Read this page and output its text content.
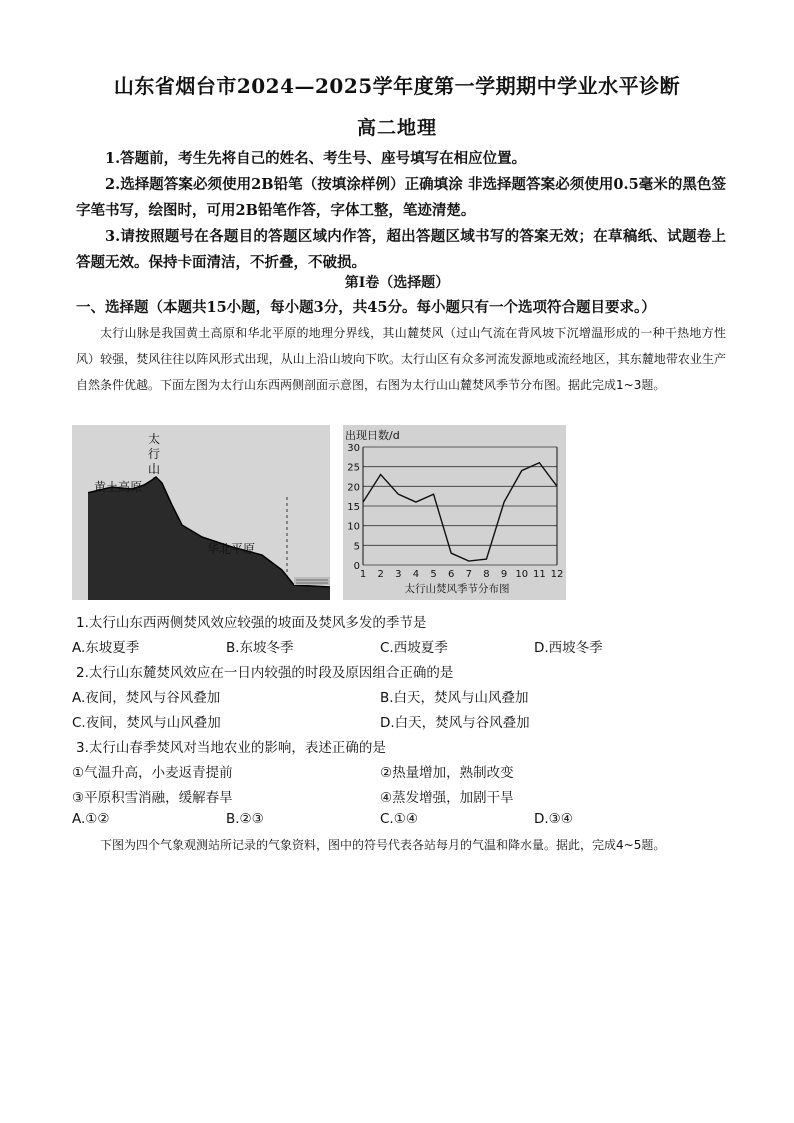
山东省烟台市2024—2025学年度第一学期期中学业水平诊断
高二地理

1.答题前，考生先将自己的姓名、考生号、座号填写在相应位置。

2.选择题答案必须使用2B铅笔（按填涂样例）正确填涂 非选择题答案必须使用0.5毫米的黑色签字笔书写，绘图时，可用2B铅笔作答，字体工整，笔迹清楚。

3.请按照题号在各题目的答题区域内作答，超出答题区域书写的答案无效；在草稿纸、试题卷上答题无效。保持卡面清洁，不折叠，不破损。

第Ⅰ卷（选择题）
一、选择题（本题共15小题，每小题3分，共45分。每小题只有一个选项符合题目要求。）
太行山脉是我国黄土高原和华北平原的地理分界线，其山麓焚风（过山气流在背风坡下沉增温形成的一种干热地方性风）较强，焚风往往以阵风形式出现，从山上沿山坡向下吹。太行山区有众多河流发源地或流经地区，其东麓地带农业生产自然条件优越。下面左图为太行山东西两侧剖面示意图，右图为太行山山麓焚风季节分布图。据此完成1~3题。
太
行
山
黄土高原
华北平原
0
5
10
15
20
25
30
1 2 3 4 5 6 7 8 9 10 11 12
出现日数/d
太行山焚风季节分布图
1.太行山东西两侧焚风效应较强的坡面及焚风多发的季节是
A.东坡夏季	B.东坡冬季	C.西坡夏季	D.西坡冬季
2.太行山东麓焚风效应在一日内较强的时段及原因组合正确的是
A.夜间，焚风与谷风叠加	B.白天，焚风与山风叠加
C.夜间，焚风与山风叠加	D.白天，焚风与谷风叠加
3.太行山春季焚风对当地农业的影响，表述正确的是
①气温升高，小麦返青提前	②热量增加，熟制改变
③平原积雪消融，缓解春旱	④蒸发增强，加剧干旱
A.①②	B.②③	C.①④	D.③④
下图为四个气象观测站所记录的气象资料，图中的符号代表各站每月的气温和降水量。据此，完成4~5题。
